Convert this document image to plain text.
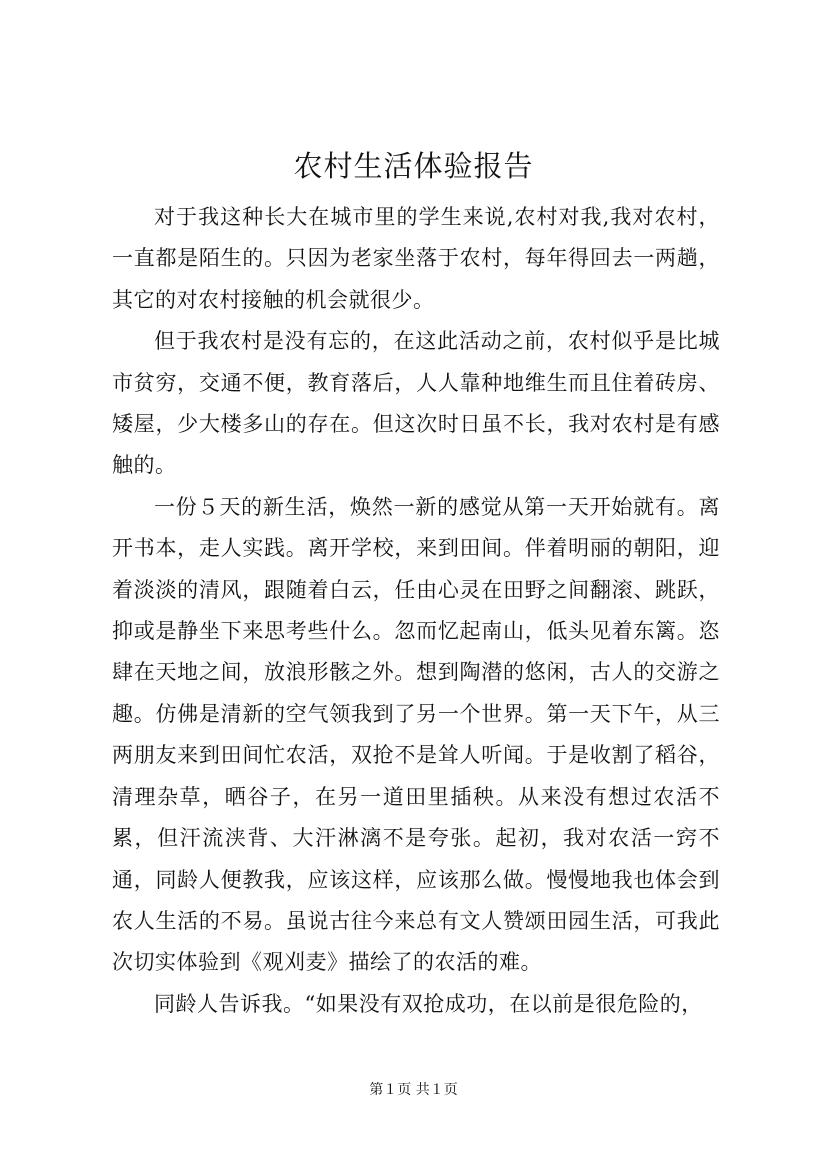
农村生活体验报告

对于我这种长大在城市里的学生来说,农村对我,我对农村，一直都是陌生的。只因为老家坐落于农村，每年得回去一两趟，其它的对农村接触的机会就很少。

但于我农村是没有忘的，在这此活动之前，农村似乎是比城市贫穷，交通不便，教育落后，人人靠种地维生而且住着砖房、矮屋，少大楼多山的存在。但这次时日虽不长，我对农村是有感触的。

一份５天的新生活，焕然一新的感觉从第一天开始就有。离开书本，走人实践。离开学校，来到田间。伴着明丽的朝阳，迎着淡淡的清风，跟随着白云，任由心灵在田野之间翻滚、跳跃，抑或是静坐下来思考些什么。忽而忆起南山，低头见着东篱。恣肆在天地之间，放浪形骸之外。想到陶潜的悠闲，古人的交游之趣。仿佛是清新的空气领我到了另一个世界。第一天下午，从三两朋友来到田间忙农活，双抢不是耸人听闻。于是收割了稻谷，清理杂草，晒谷子，在另一道田里插秧。从来没有想过农活不累，但汗流浃背、大汗淋漓不是夸张。起初，我对农活一窍不通，同龄人便教我，应该这样，应该那么做。慢慢地我也体会到农人生活的不易。虽说古往今来总有文人赞颂田园生活，可我此次切实体验到《观刈麦》描绘了的农活的难。

同龄人告诉我。“如果没有双抢成功，在以前是很危险的，

第１页 共１页
